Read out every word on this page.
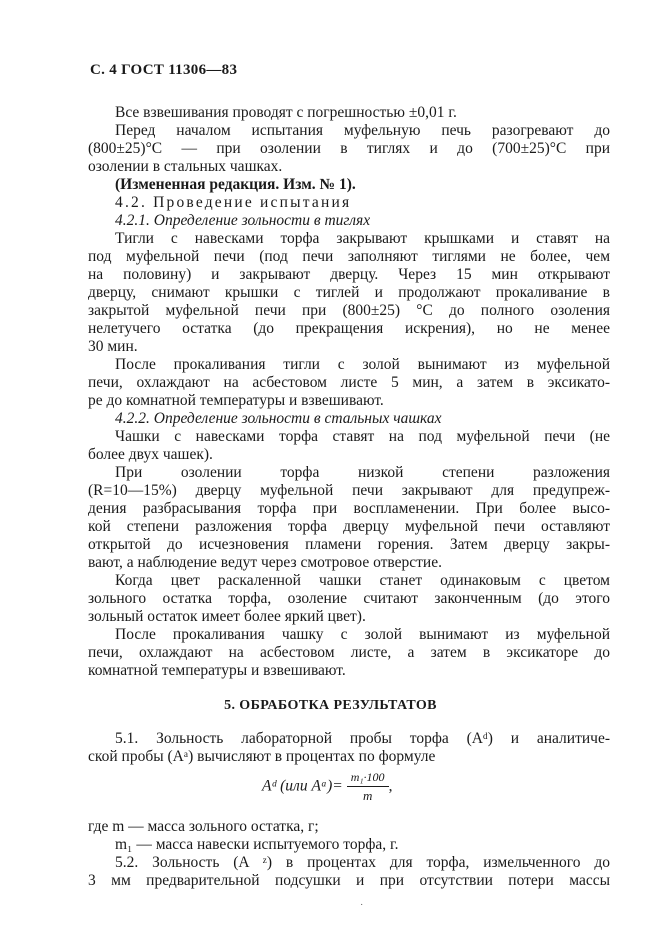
С. 4 ГОСТ 11306—83
Все взвешивания проводят с погрешностью ±0,01 г.
Перед началом испытания муфельную печь разогревают до
(800±25)°С — при озолении в тиглях и до (700±25)°С при
озолении в стальных чашках.
(Измененная редакция. Изм. № 1).
4.2. Проведение испытания
4.2.1. Определение зольности в тиглях
Тигли с навесками торфа закрывают крышками и ставят на
под муфельной печи (под печи заполняют тиглями не более, чем
на половину) и закрывают дверцу. Через 15 мин открывают
дверцу, снимают крышки с тиглей и продолжают прокаливание в
закрытой муфельной печи при (800±25) °С до полного озоления
нелетучего остатка (до прекращения искрения), но не менее
30 мин.
После прокаливания тигли с золой вынимают из муфельной
печи, охлаждают на асбестовом листе 5 мин, а затем в эксикато-
ре до комнатной температуры и взвешивают.
4.2.2. Определение зольности в стальных чашках
Чашки с навесками торфа ставят на под муфельной печи (не
более двух чашек).
При озолении торфа низкой степени разложения
(R=10—15%) дверцу муфельной печи закрывают для предупреж-
дения разбрасывания торфа при воспламенении. При более высо-
кой степени разложения торфа дверцу муфельной печи оставляют
открытой до исчезновения пламени горения. Затем дверцу закры-
вают, а наблюдение ведут через смотровое отверстие.
Когда цвет раскаленной чашки станет одинаковым с цветом
зольного остатка торфа, озоление считают законченным (до этого
зольный остаток имеет более яркий цвет).
После прокаливания чашку с золой вынимают из муфельной
печи, охлаждают на асбестовом листе, а затем в эксикаторе до
комнатной температуры и взвешивают.
5. ОБРАБОТКА РЕЗУЛЬТАТОВ
5.1. Зольность лабораторной пробы торфа (Aᵈ) и аналитиче-
ской пробы (Aᵃ) вычисляют в процентах по формуле
Aᵈ (или Aᵃ)= $\frac{\text{m₁·100}}{m}$ ,
где m — масса зольного остатка, г;
m₁ — масса навески испытуемого торфа, г.
5.2. Зольность (A ᶻ) в процентах для торфа, измельченного до
3 мм предварительной подсушки и при отсутствии потери массы
˙
